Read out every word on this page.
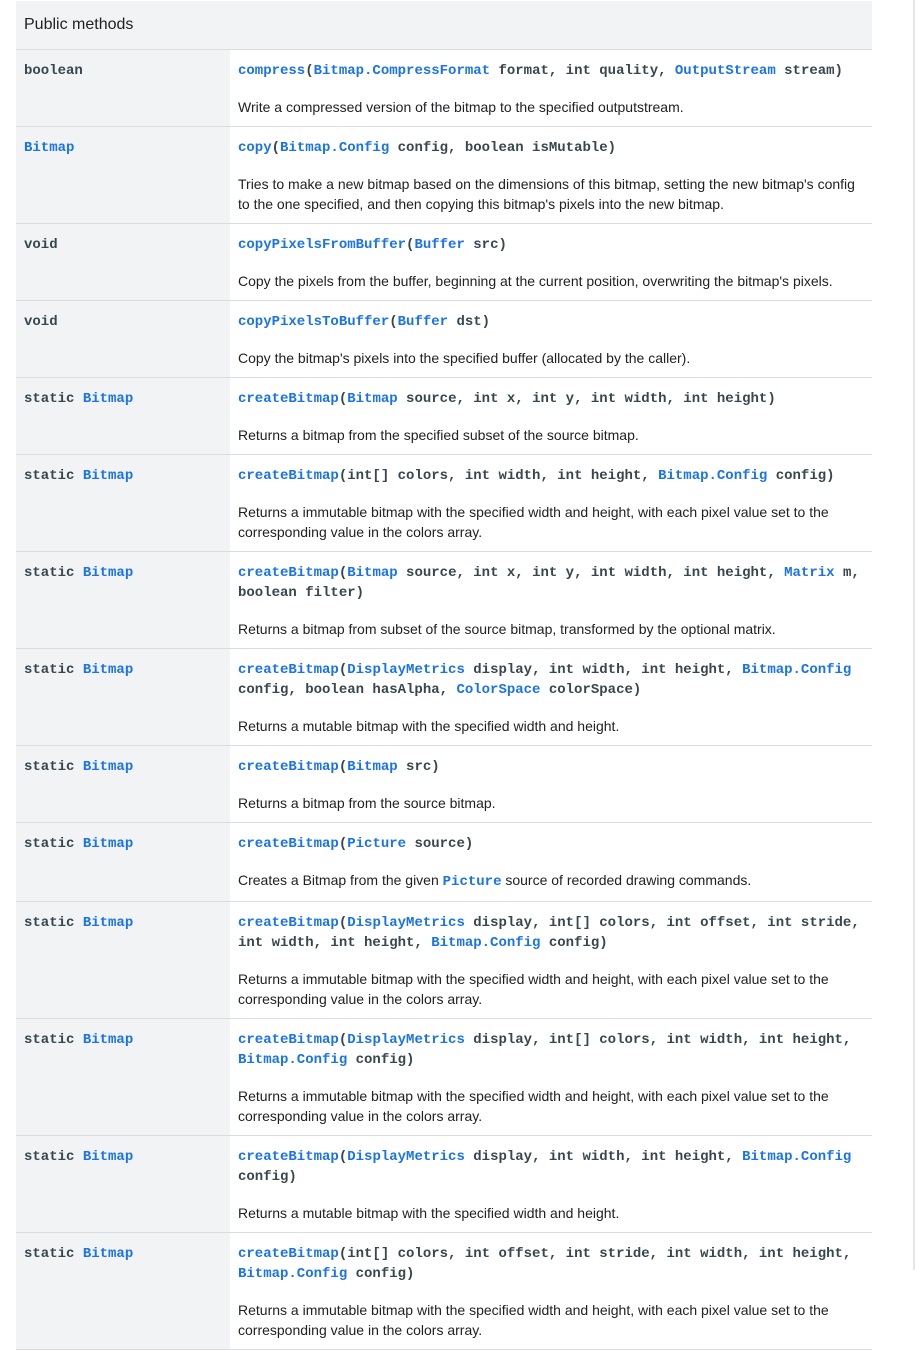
Public methods	
boolean	compress(Bitmap.CompressFormat format, int quality, OutputStream stream)
Write a compressed version of the bitmap to the specified outputstream.

Bitmap	copy(Bitmap.Config config, boolean isMutable)
Tries to make a new bitmap based on the dimensions of this bitmap, setting the new bitmap's config to the one specified, and then copying this bitmap's pixels into the new bitmap.

void	copyPixelsFromBuffer(Buffer src)
Copy the pixels from the buffer, beginning at the current position, overwriting the bitmap's pixels.

void	copyPixelsToBuffer(Buffer dst)
Copy the bitmap's pixels into the specified buffer (allocated by the caller).

static Bitmap	createBitmap(Bitmap source, int x, int y, int width, int height)
Returns a bitmap from the specified subset of the source bitmap.

static Bitmap	createBitmap(int[] colors, int width, int height, Bitmap.Config config)
Returns a immutable bitmap with the specified width and height, with each pixel value set to the corresponding value in the colors array.

static Bitmap	createBitmap(Bitmap source, int x, int y, int width, int height, Matrix m, boolean filter)
Returns a bitmap from subset of the source bitmap, transformed by the optional matrix.

static Bitmap	createBitmap(DisplayMetrics display, int width, int height, Bitmap.Config config, boolean hasAlpha, ColorSpace colorSpace)
Returns a mutable bitmap with the specified width and height.

static Bitmap	createBitmap(Bitmap src)
Returns a bitmap from the source bitmap.

static Bitmap	createBitmap(Picture source)
Creates a Bitmap from the given Picture source of recorded drawing commands.

static Bitmap	createBitmap(DisplayMetrics display, int[] colors, int offset, int stride, int width, int height, Bitmap.Config config)
Returns a immutable bitmap with the specified width and height, with each pixel value set to the corresponding value in the colors array.

static Bitmap	createBitmap(DisplayMetrics display, int[] colors, int width, int height, Bitmap.Config config)
Returns a immutable bitmap with the specified width and height, with each pixel value set to the corresponding value in the colors array.

static Bitmap	createBitmap(DisplayMetrics display, int width, int height, Bitmap.Config config)
Returns a mutable bitmap with the specified width and height.

static Bitmap	createBitmap(int[] colors, int offset, int stride, int width, int height, Bitmap.Config config)
Returns a immutable bitmap with the specified width and height, with each pixel value set to the corresponding value in the colors array.
